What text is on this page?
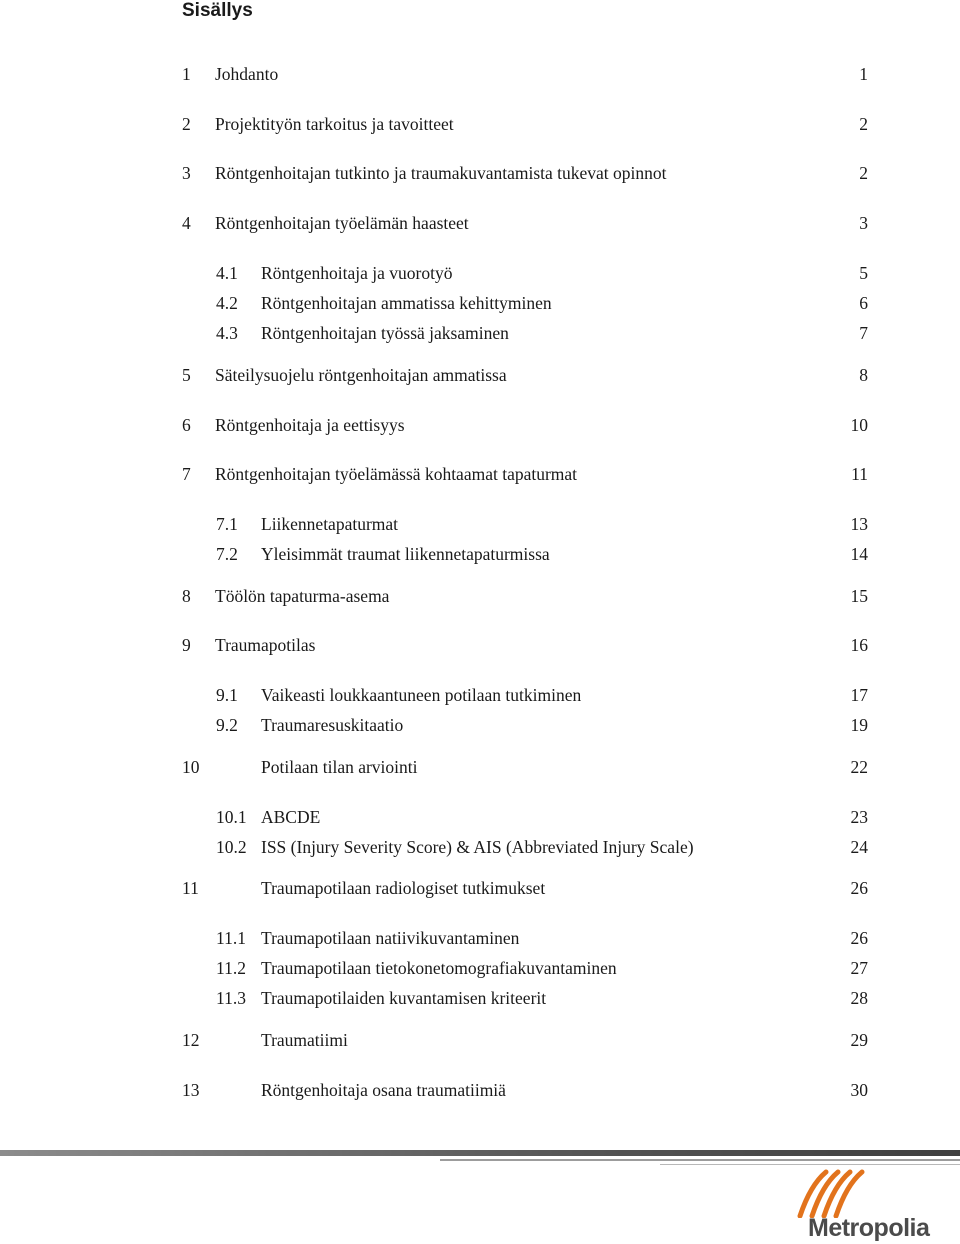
Sisällys
1 Johdanto	1
2 Projektityön tarkoitus ja tavoitteet	2
3 Röntgenhoitajan tutkinto ja traumakuvantamista tukevat opinnot	2
4 Röntgenhoitajan työelämän haasteet	3
4.1 Röntgenhoitaja ja vuorotyö	5
4.2 Röntgenhoitajan ammatissa kehittyminen	6
4.3 Röntgenhoitajan työssä jaksaminen	7
5 Säteilysuojelu röntgenhoitajan ammatissa	8
6 Röntgenhoitaja ja eettisyys	10
7 Röntgenhoitajan työelämässä kohtaamat tapaturmat	11
7.1 Liikennetapaturmat	13
7.2 Yleisimmät traumat liikennetapaturmissa	14
8 Töölön tapaturma-asema	15
9 Traumapotilas	16
9.1 Vaikeasti loukkaantuneen potilaan tutkiminen	17
9.2 Traumaresuskitaatio	19
10	Potilaan tilan arviointi	22
10.1 ABCDE	23
10.2 ISS (Injury Severity Score) & AIS (Abbreviated Injury Scale)	24
11	Traumapotilaan radiologiset tutkimukset	26
11.1 Traumapotilaan natiivikuvantaminen	26
11.2 Traumapotilaan tietokonetomografiakuvantaminen	27
11.3 Traumapotilaiden kuvantamisen kriteerit	28
12	Traumatiimi	29
13	Röntgenhoitaja osana traumatiimiä	30
Metropolia
